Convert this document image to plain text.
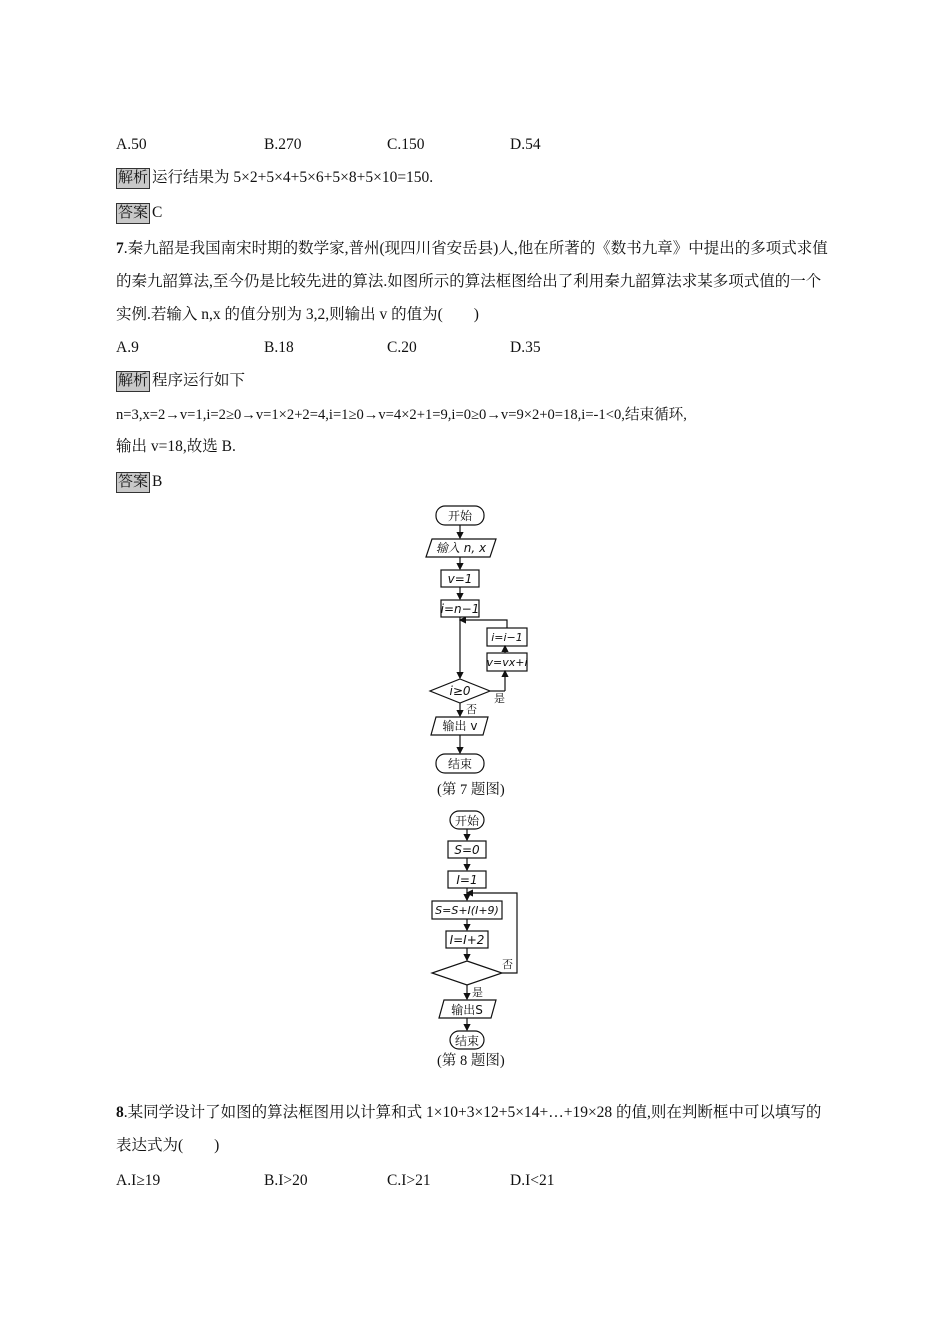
A.50	B.270	C.150	D.54
解析 运行结果为 5×2+5×4+5×6+5×8+5×10=150.
答案 C
7.秦九韶是我国南宋时期的数学家,普州(现四川省安岳县)人,他在所著的《数书九章》中提出的多项式求值的秦九韶算法,至今仍是比较先进的算法.如图所示的算法框图给出了利用秦九韶算法求某多项式值的一个实例.若输入 n,x 的值分别为 3,2,则输出 v 的值为(　　)
A.9	B.18	C.20	D.35
解析 程序运行如下
n=3,x=2→v=1,i=2≥0→v=1×2+2=4,i=1≥0→v=4×2+1=9,i=0≥0→v=9×2+0=18,i=-1<0,结束循环,
输出 v=18,故选 B.
答案 B
开始
输入 n, x
v=1
i=n−1
i=i−1
v=vx+i
i≥0
是
否
输出 v
结束
(第 7 题图)
开始
S=0
I=1
S=S+I(I+9)
I=I+2
否
是
输出S
结束
(第 8 题图)
8.某同学设计了如图的算法框图用以计算和式 1×10+3×12+5×14+…+19×28 的值,则在判断框中可以填写的表达式为(　　)
A.I≥19	B.I>20	C.I>21	D.I<21
